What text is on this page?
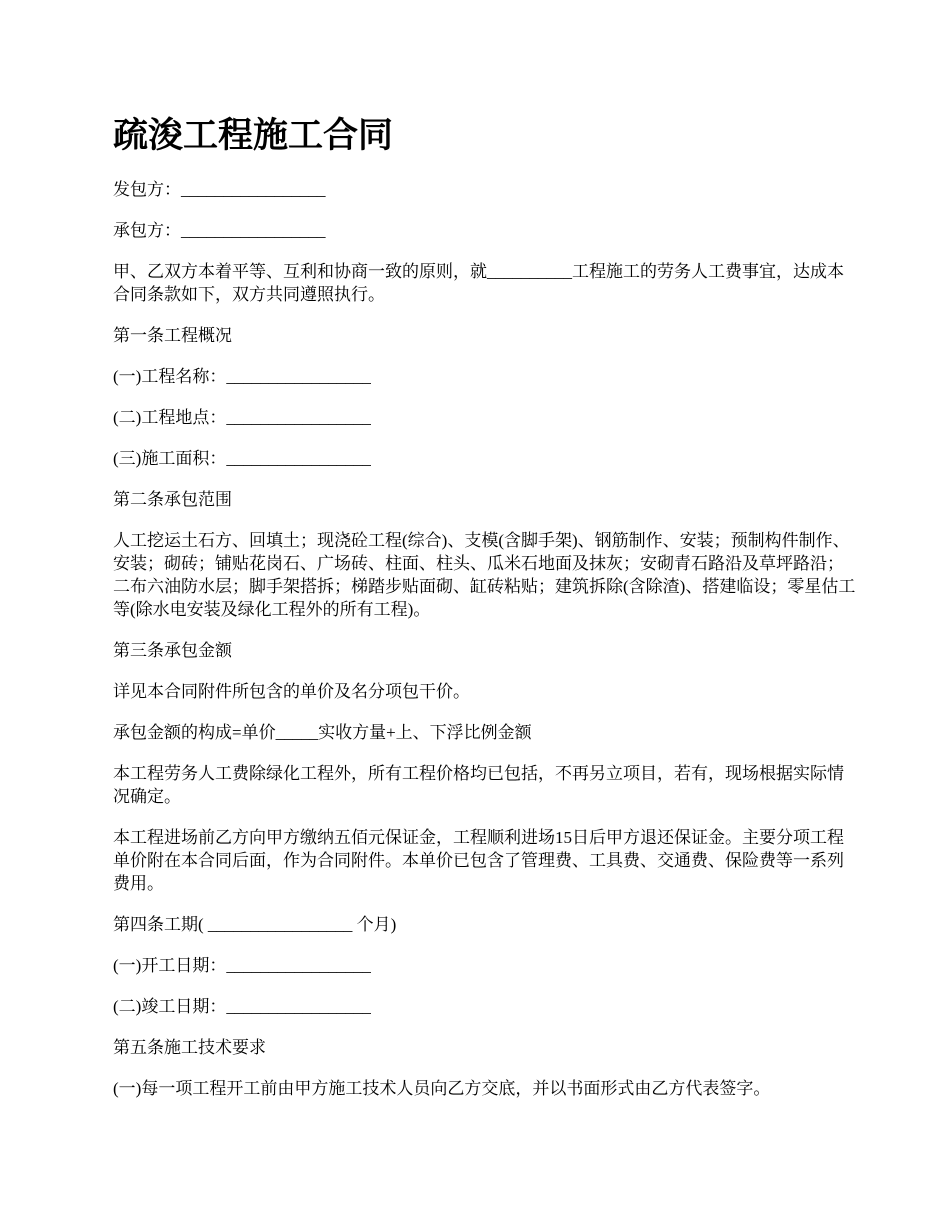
疏浚工程施工合同

发包方：_________________

承包方：_________________

甲、乙双方本着平等、互利和协商一致的原则，就__________工程施工的劳务人工费事宜，达成本合同条款如下，双方共同遵照执行。

第一条工程概况

(一)工程名称：_________________

(二)工程地点：_________________

(三)施工面积：_________________

第二条承包范围

人工挖运土石方、回填土；现浇砼工程(综合)、支模(含脚手架)、钢筋制作、安装；预制构件制作、安装；砌砖；铺贴花岗石、广场砖、柱面、柱头、瓜米石地面及抹灰；安砌青石路沿及草坪路沿；二布六油防水层；脚手架搭拆；梯踏步贴面砌、缸砖粘贴；建筑拆除(含除渣)、搭建临设；零星估工等(除水电安装及绿化工程外的所有工程)。

第三条承包金额

详见本合同附件所包含的单价及名分项包干价。

承包金额的构成=单价_____实收方量+上、下浮比例金额

本工程劳务人工费除绿化工程外，所有工程价格均已包括，不再另立项目，若有，现场根据实际情况确定。

本工程进场前乙方向甲方缴纳五佰元保证金，工程顺利进场15日后甲方退还保证金。主要分项工程单价附在本合同后面，作为合同附件。本单价已包含了管理费、工具费、交通费、保险费等一系列费用。

第四条工期( _________________ 个月)

(一)开工日期：_________________

(二)竣工日期：_________________

第五条施工技术要求

(一)每一项工程开工前由甲方施工技术人员向乙方交底，并以书面形式由乙方代表签字。
